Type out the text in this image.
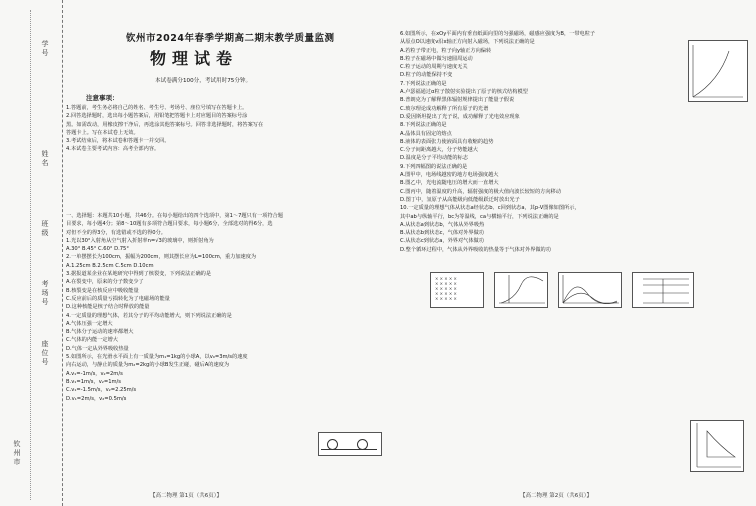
学号
姓名
班级
考场号
座位号
钦州市
钦州市2024年春季学期高二期末教学质量监测
物理试卷
本试卷满分100分，考试用时75分钟。
注意事项：

1.答题前，考生务必将自己的姓名、考生号、考场号、座位号填写在答题卡上。

2.回答选择题时，选出每小题答案后，用铅笔把答题卡上对应题目的答案标号涂

黑。如需改动，用橡皮擦干净后，再选涂其他答案标号。回答非选择题时，将答案写在

答题卡上。写在本试卷上无效。

3.考试结束后，将本试卷和答题卡一并交回。

4.本试卷主要考试内容：高考全部内容。

一、选择题：本题共10小题，共46分。在每小题给出的四个选项中，第1～7题只有一项符合题

目要求，每小题4分；第8～10题有多项符合题目要求，每小题6分，全部选对的得6分，选

对但不全的得3分，有选错或不选的得0分。

1.光以30°入射角从空气射入折射率n=√3的玻璃中，则折射角为

A.30° B.45° C.60° D.75°

2.一单摆摆长为100cm，振幅为200cm，则其摆长应为L=100cm，重力加速度为

A.1.25cm B.2.5cm C.5cm D.10cm

3.据报道某企业在某地研究中得到了核裂变，下列说法正确的是

A.在裂变中，原来的分子数变少了

B.核裂变是在核反应中吸收能量

C.反应前后的质量亏损转化为了电磁场的能量

D.这种核能是核子结合时释放的能量

4.一定质量的理想气体，若其分子的平均动能增大，则下列说法正确的是

A.气体压强一定增大

B.气体分子运动的速率都增大

C.气体的内能一定增大

D.气体一定从外界吸收热量

5.如图所示，在光滑水平面上有一质量为m₁=1kg的小球A，以v₀=3m/s的速度

向右运动，与静止的质量为m₂=2kg的小球B发生正碰，碰后A的速度为

A.v₁=-1m/s，v₂=2m/s

B.v₁=1m/s，v₂=1m/s

C.v₁=-1.5m/s，v₂=2.25m/s

D.v₁=2m/s，v₂=0.5m/s

6.如图所示，在xOy平面内有垂直纸面向里的匀强磁场，磁感应强度为B，一带电粒子

从原点O以速度v沿x轴正方向射入磁场，下列说法正确的是

A.若粒子带正电，粒子向y轴正方向偏转

B.粒子在磁场中做匀速圆周运动

C.粒子运动的周期与速度无关

D.粒子的动能保持不变

7.下列说法正确的是

A.卢瑟福通过α粒子散射实验提出了原子的核式结构模型

B.普朗克为了解释黑体辐射规律提出了能量子假说

C.玻尔理论成功解释了所有原子的光谱

D.爱因斯坦提出了光子说，成功解释了光电效应现象

8.下列说法正确的是

A.晶体具有固定的熔点

B.液体的表面张力使液面具有收缩的趋势

C.分子间距离越大，分子势能越大

D.温度是分子平均动能的标志

9.下列四幅图的说法正确的是

A.图甲中，电场线越密的地方电场强度越大

B.图乙中，光电流随电压的增大而一直增大

C.图丙中，随着温度的升高，辐射强度的极大值向波长较短的方向移动

D.图丁中，氢原子从高能级向低能级跃迁时放出光子

10.一定质量的理想气体从状态a经状态b、c回到状态a，其p-V图像如图所示，

其中ab与纵轴平行，bc为等温线，ca与横轴平行，下列说法正确的是

A.从状态a到状态b，气体从外界吸热

B.从状态b到状态c，气体对外界做功

C.从状态c到状态a，外界对气体做功

D.整个循环过程中，气体从外界吸收的热量等于气体对外界做的功

× × × × ×
× × × × ×
× × × × ×
× × × × ×
× × × × ×
【高二物理 第1页（共6页）】	【高二物理 第2页（共6页）】
